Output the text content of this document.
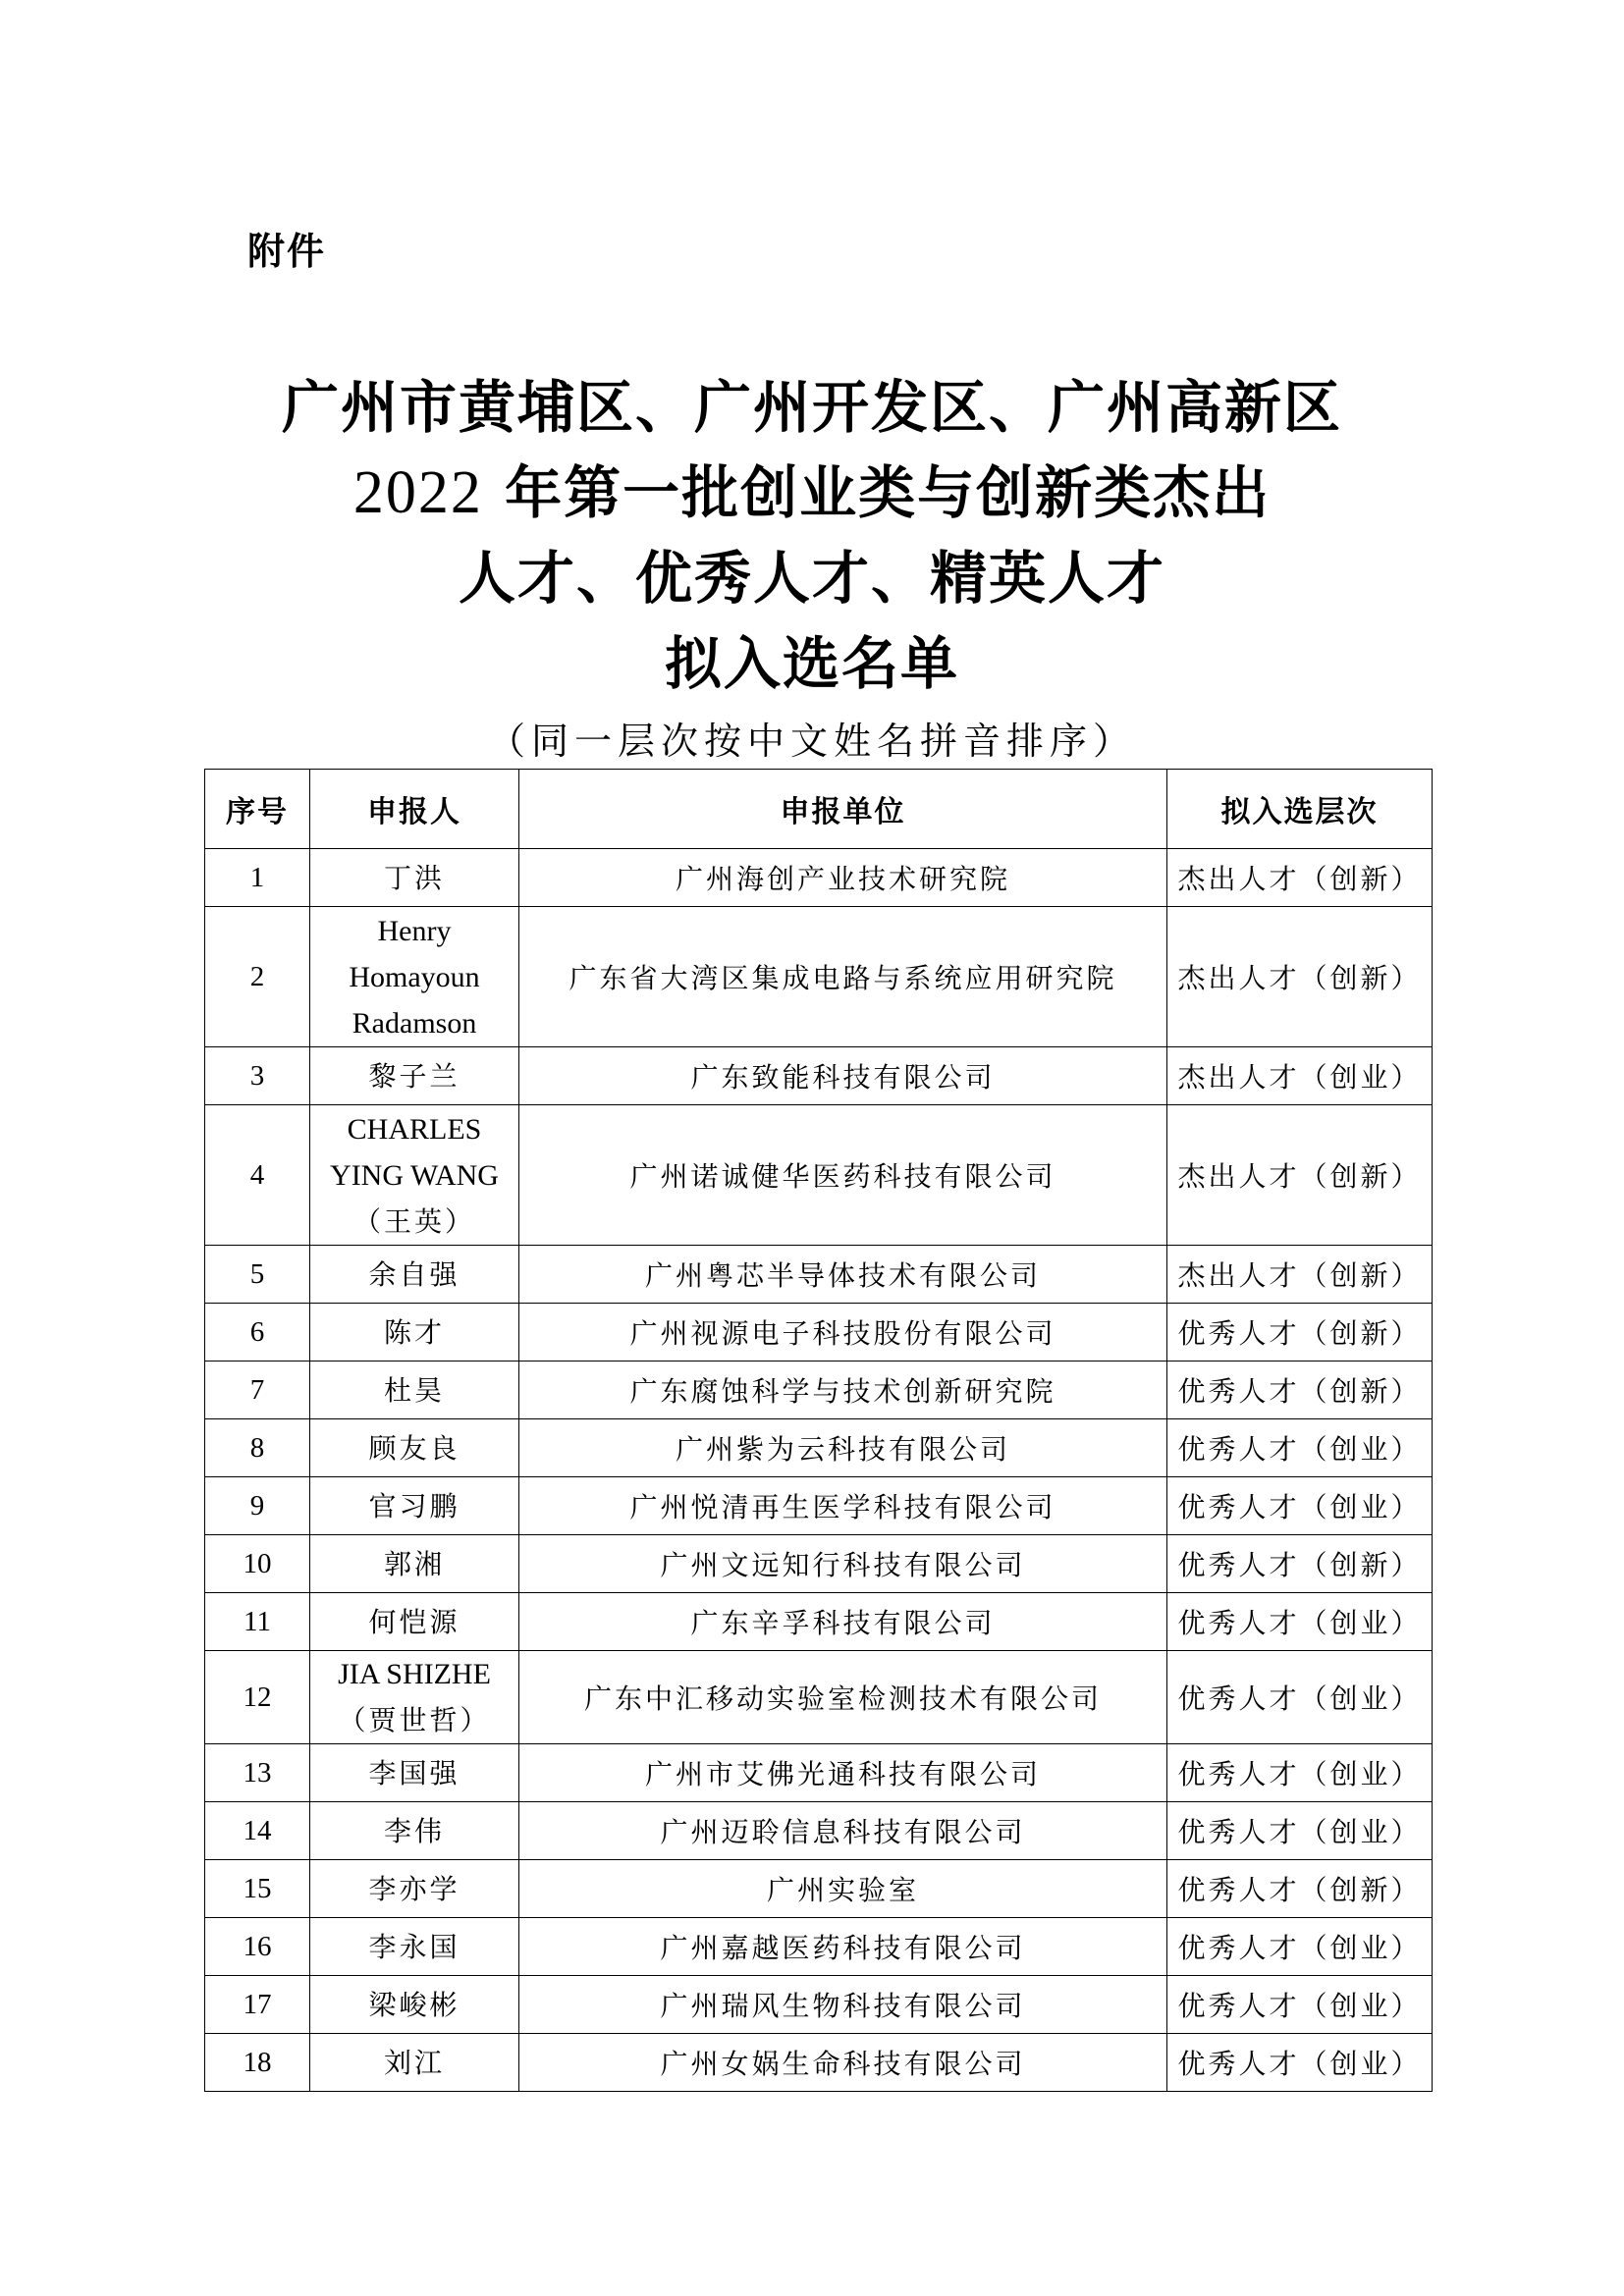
附件
广州市黄埔区、广州开发区、广州高新区
2022 年第一批创业类与创新类杰出
人才、优秀人才、精英人才
拟入选名单
（同一层次按中文姓名拼音排序）
序号	申报人	申报单位	拟入选层次
1	丁洪	广州海创产业技术研究院	杰出人才（创新）
2	Henry
Homayoun
Radamson	广东省大湾区集成电路与系统应用研究院	杰出人才（创新）
3	黎子兰	广东致能科技有限公司	杰出人才（创业）
4	CHARLES
YING WANG
（王英）	广州诺诚健华医药科技有限公司	杰出人才（创新）
5	余自强	广州粤芯半导体技术有限公司	杰出人才（创新）
6	陈才	广州视源电子科技股份有限公司	优秀人才（创新）
7	杜昊	广东腐蚀科学与技术创新研究院	优秀人才（创新）
8	顾友良	广州紫为云科技有限公司	优秀人才（创业）
9	官习鹏	广州悦清再生医学科技有限公司	优秀人才（创业）
10	郭湘	广州文远知行科技有限公司	优秀人才（创新）
11	何恺源	广东辛孚科技有限公司	优秀人才（创业）
12	JIA SHIZHE
（贾世哲）	广东中汇移动实验室检测技术有限公司	优秀人才（创业）
13	李国强	广州市艾佛光通科技有限公司	优秀人才（创业）
14	李伟	广州迈聆信息科技有限公司	优秀人才（创业）
15	李亦学	广州实验室	优秀人才（创新）
16	李永国	广州嘉越医药科技有限公司	优秀人才（创业）
17	梁峻彬	广州瑞风生物科技有限公司	优秀人才（创业）
18	刘江	广州女娲生命科技有限公司	优秀人才（创业）
